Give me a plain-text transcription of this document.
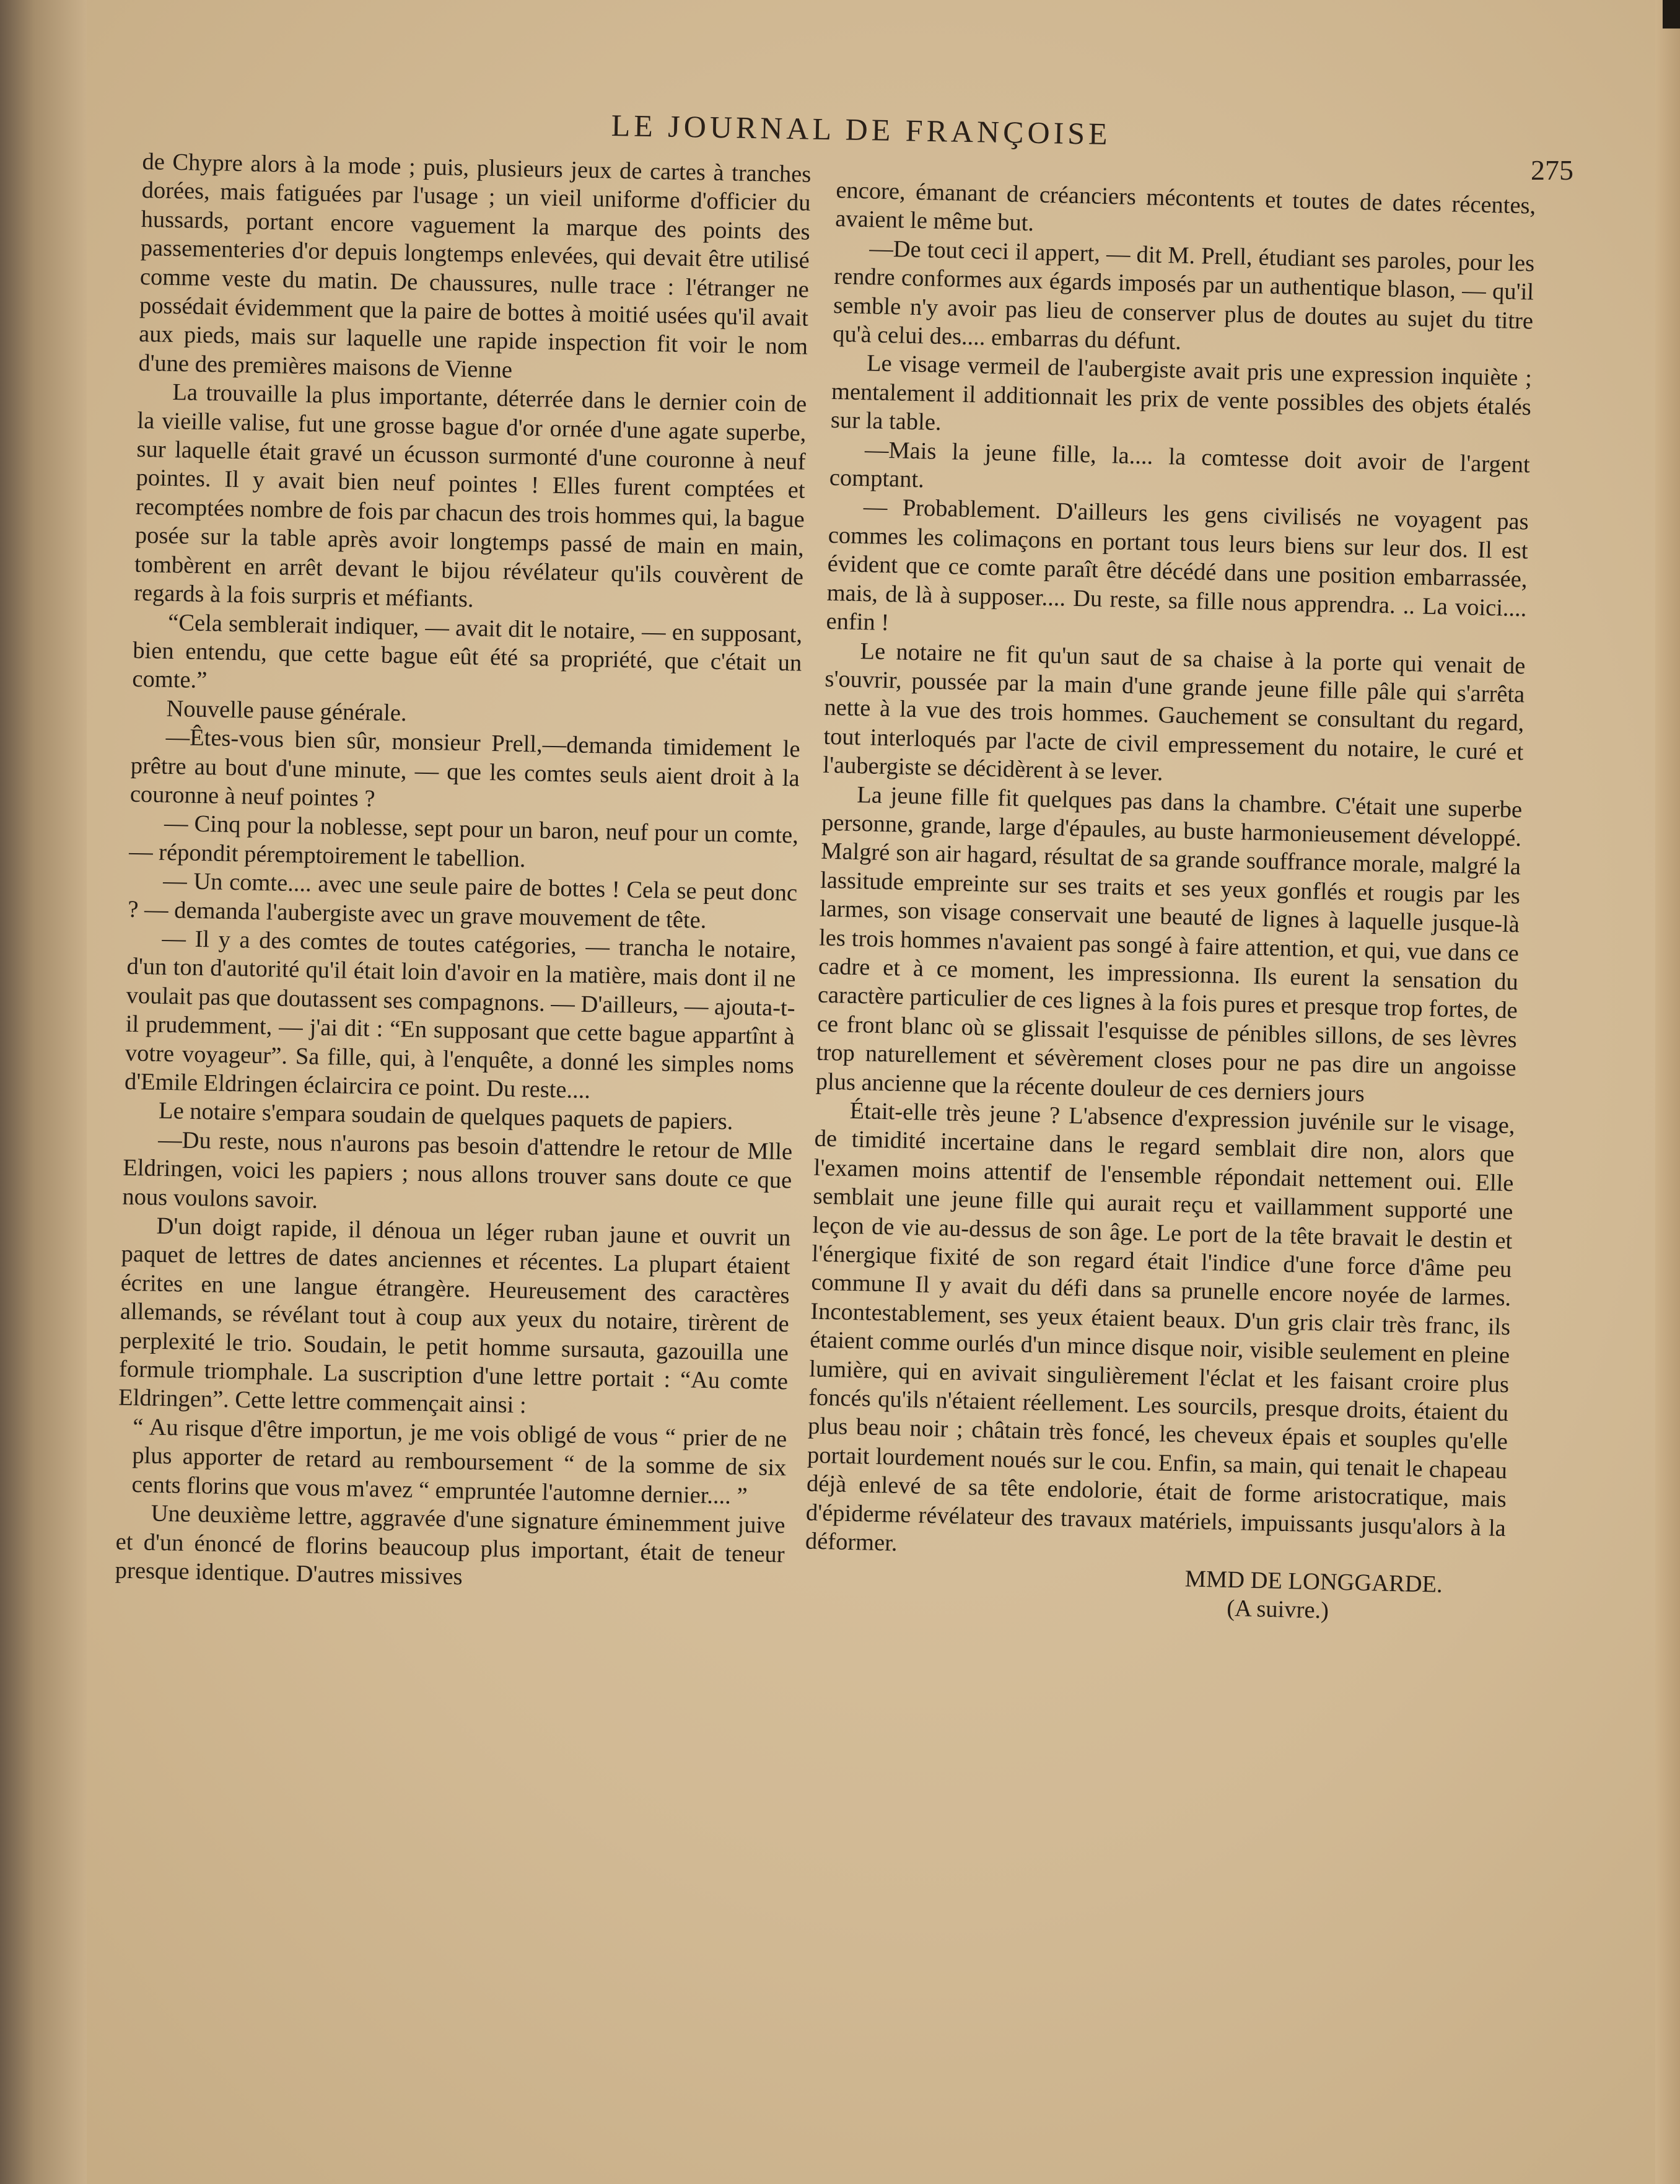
LE JOURNAL DE FRANÇOISE
275

de Chypre alors à la mode ; puis, plusieurs jeux de cartes à tranches dorées, mais fatiguées par l'usage ; un vieil uniforme d'officier du hussards, portant encore vaguement la marque des points des passementeries d'or depuis longtemps enlevées, qui devait être utilisé comme veste du matin. De chaussures, nulle trace : l'étranger ne possédait évidemment que la paire de bottes à moitié usées qu'il avait aux pieds, mais sur laquelle une rapide inspection fit voir le nom d'une des premières maisons de Vienne

La trouvaille la plus importante, déterrée dans le dernier coin de la vieille valise, fut une grosse bague d'or ornée d'une agate superbe, sur laquelle était gravé un écusson surmonté d'une couronne à neuf pointes. Il y avait bien neuf pointes ! Elles furent comptées et recomptées nombre de fois par chacun des trois hommes qui, la bague posée sur la table après avoir longtemps passé de main en main, tombèrent en arrêt devant le bijou révélateur qu'ils couvèrent de regards à la fois surpris et méfiants.

“Cela semblerait indiquer, — avait dit le notaire, — en supposant, bien entendu, que cette bague eût été sa propriété, que c'était un comte.”

Nouvelle pause générale.

—Êtes-vous bien sûr, monsieur Prell,—demanda timidement le prêtre au bout d'une minute, — que les comtes seuls aient droit à la couronne à neuf pointes ?

— Cinq pour la noblesse, sept pour un baron, neuf pour un comte, — répondit péremptoirement le tabellion.

— Un comte.... avec une seule paire de bottes ! Cela se peut donc ? — demanda l'aubergiste avec un grave mouvement de tête.

— Il y a des comtes de toutes catégories, — trancha le notaire, d'un ton d'autorité qu'il était loin d'avoir en la matière, mais dont il ne voulait pas que doutassent ses compagnons. — D'ailleurs, — ajouta-t-il prudemment, — j'ai dit : “En supposant que cette bague appartînt à votre voyageur”. Sa fille, qui, à l'enquête, a donné les simples noms d'Emile Eldringen éclaircira ce point. Du reste....

Le notaire s'empara soudain de quelques paquets de papiers.

—Du reste, nous n'aurons pas besoin d'attendre le retour de Mlle Eldringen, voici les papiers ; nous allons trouver sans doute ce que nous voulons savoir.

D'un doigt rapide, il dénoua un léger ruban jaune et ouvrit un paquet de lettres de dates anciennes et récentes. La plupart étaient écrites en une langue étrangère. Heureusement des caractères allemands, se révélant tout à coup aux yeux du notaire, tirèrent de perplexité le trio. Soudain, le petit homme sursauta, gazouilla une formule triomphale. La suscription d'une lettre portait : “Au comte Eldringen”. Cette lettre commençait ainsi :

“ Au risque d'être importun, je me vois obligé de vous “ prier de ne plus apporter de retard au remboursement “ de la somme de six cents florins que vous m'avez “ empruntée l'automne dernier.... ”

Une deuxième lettre, aggravée d'une signature éminemment juive et d'un énoncé de florins beaucoup plus important, était de teneur presque identique. D'autres missives

encore, émanant de créanciers mécontents et toutes de dates récentes, avaient le même but.

—De tout ceci il appert, — dit M. Prell, étudiant ses paroles, pour les rendre conformes aux égards imposés par un authentique blason, — qu'il semble n'y avoir pas lieu de conserver plus de doutes au sujet du titre qu'à celui des.... embarras du défunt.

Le visage vermeil de l'aubergiste avait pris une expression inquiète ; mentalement il additionnait les prix de vente possibles des objets étalés sur la table.

—Mais la jeune fille, la.... la comtesse doit avoir de l'argent comptant.

— Probablement. D'ailleurs les gens civilisés ne voyagent pas commes les colimaçons en portant tous leurs biens sur leur dos. Il est évident que ce comte paraît être décédé dans une position embarrassée, mais, de là à supposer.... Du reste, sa fille nous apprendra. .. La voici.... enfin !

Le notaire ne fit qu'un saut de sa chaise à la porte qui venait de s'ouvrir, poussée par la main d'une grande jeune fille pâle qui s'arrêta nette à la vue des trois hommes. Gauchement se consultant du regard, tout interloqués par l'acte de civil empressement du notaire, le curé et l'aubergiste se décidèrent à se lever.

La jeune fille fit quelques pas dans la chambre. C'était une superbe personne, grande, large d'épaules, au buste harmonieusement développé. Malgré son air hagard, résultat de sa grande souffrance morale, malgré la lassitude empreinte sur ses traits et ses yeux gonflés et rougis par les larmes, son visage conservait une beauté de lignes à laquelle jusque-là les trois hommes n'avaient pas songé à faire attention, et qui, vue dans ce cadre et à ce moment, les impressionna. Ils eurent la sensation du caractère particulier de ces lignes à la fois pures et presque trop fortes, de ce front blanc où se glissait l'esquisse de pénibles sillons, de ses lèvres trop naturellement et sévèrement closes pour ne pas dire un angoisse plus ancienne que la récente douleur de ces derniers jours

Était-elle très jeune ? L'absence d'expression juvénile sur le visage, de timidité incertaine dans le regard semblait dire non, alors que l'examen moins attentif de l'ensemble répondait nettement oui. Elle semblait une jeune fille qui aurait reçu et vaillamment supporté une leçon de vie au-dessus de son âge. Le port de la tête bravait le destin et l'énergique fixité de son regard était l'indice d'une force d'âme peu commune Il y avait du défi dans sa prunelle encore noyée de larmes. Incontestablement, ses yeux étaient beaux. D'un gris clair très franc, ils étaient comme ourlés d'un mince disque noir, visible seulement en pleine lumière, qui en avivait singulièrement l'éclat et les faisant croire plus foncés qu'ils n'étaient réellement. Les sourcils, presque droits, étaient du plus beau noir ; châtain très foncé, les cheveux épais et souples qu'elle portait lourdement noués sur le cou. Enfin, sa main, qui tenait le chapeau déjà enlevé de sa tête endolorie, était de forme aristocratique, mais d'épiderme révélateur des travaux matériels, impuissants jusqu'alors à la déformer.

MMD DE LONGGARDE.

(A suivre.)
